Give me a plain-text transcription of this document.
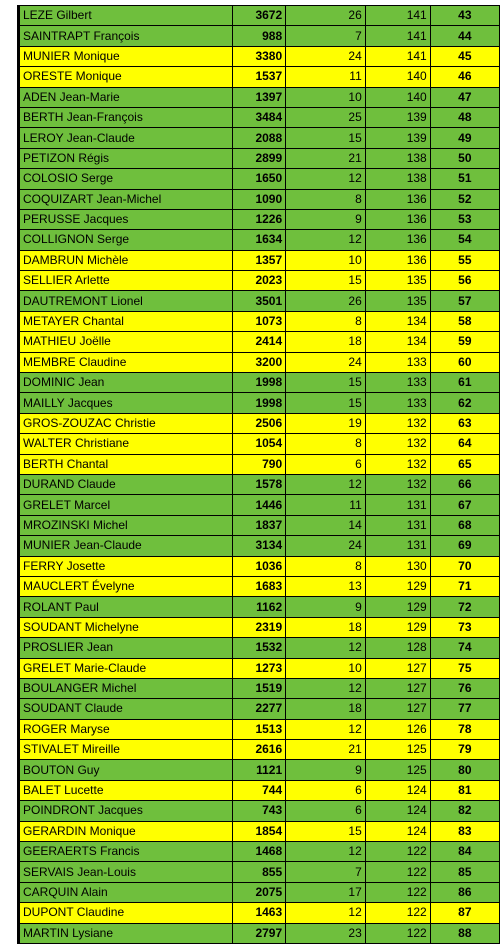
LEZE Gilbert	3672	26	141	43
SAINTRAPT François	988	7	141	44
MUNIER Monique	3380	24	141	45
ORESTE Monique	1537	11	140	46
ADEN Jean-Marie	1397	10	140	47
BERTH Jean-François	3484	25	139	48
LEROY Jean-Claude	2088	15	139	49
PETIZON Régis	2899	21	138	50
COLOSIO Serge	1650	12	138	51
COQUIZART Jean-Michel	1090	8	136	52
PERUSSE Jacques	1226	9	136	53
COLLIGNON Serge	1634	12	136	54
DAMBRUN Michèle	1357	10	136	55
SELLIER Arlette	2023	15	135	56
DAUTREMONT Lionel	3501	26	135	57
METAYER Chantal	1073	8	134	58
MATHIEU Joëlle	2414	18	134	59
MEMBRE Claudine	3200	24	133	60
DOMINIC Jean	1998	15	133	61
MAILLY Jacques	1998	15	133	62
GROS-ZOUZAC Christie	2506	19	132	63
WALTER Christiane	1054	8	132	64
BERTH Chantal	790	6	132	65
DURAND Claude	1578	12	132	66
GRELET Marcel	1446	11	131	67
MROZINSKI Michel	1837	14	131	68
MUNIER Jean-Claude	3134	24	131	69
FERRY Josette	1036	8	130	70
MAUCLERT Évelyne	1683	13	129	71
ROLANT Paul	1162	9	129	72
SOUDANT Michelyne	2319	18	129	73
PROSLIER Jean	1532	12	128	74
GRELET Marie-Claude	1273	10	127	75
BOULANGER Michel	1519	12	127	76
SOUDANT Claude	2277	18	127	77
ROGER Maryse	1513	12	126	78
STIVALET Mireille	2616	21	125	79
BOUTON Guy	1121	9	125	80
BALET Lucette	744	6	124	81
POINDRONT Jacques	743	6	124	82
GERARDIN Monique	1854	15	124	83
GEERAERTS Francis	1468	12	122	84
SERVAIS Jean-Louis	855	7	122	85
CARQUIN Alain	2075	17	122	86
DUPONT Claudine	1463	12	122	87
MARTIN Lysiane	2797	23	122	88
